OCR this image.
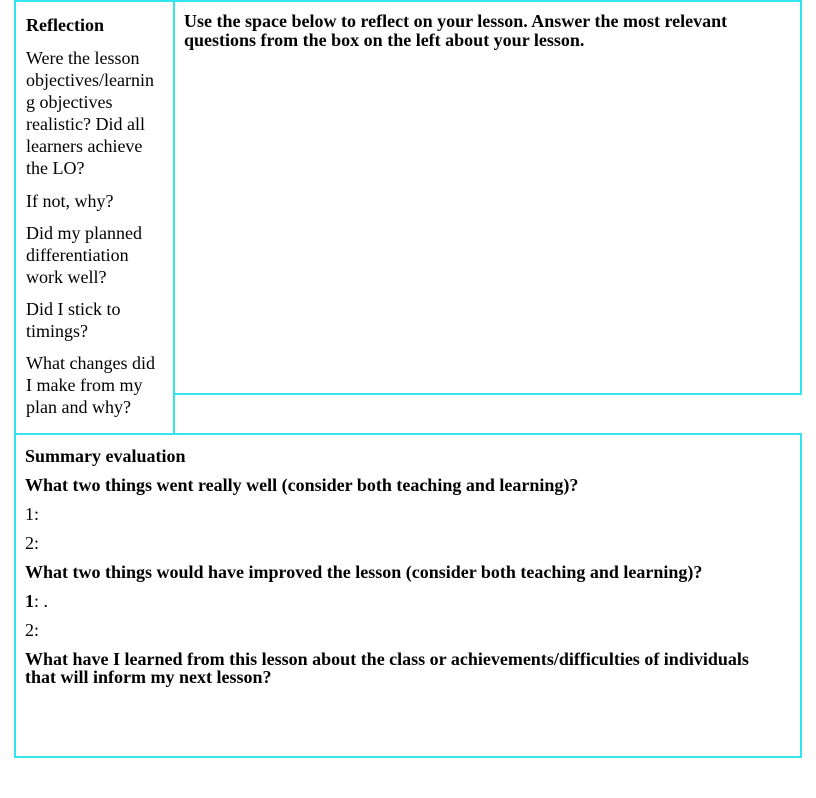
Reflection
Were the lesson
objectives/learnin
g objectives
realistic? Did all
learners achieve
the LO?
If not, why?
Did my planned
differentiation
work well?
Did I stick to
timings?
What changes did
I make from my
plan and why?
Use the space below to reflect on your lesson. Answer the most relevant questions from the box on the left about your lesson.
Summary evaluation
What two things went really well (consider both teaching and learning)?
1:
2:
What two things would have improved the lesson (consider both teaching and learning)?
1: .
2:
What have I learned from this lesson about the class or achievements/difficulties of individuals that will inform my next lesson?
